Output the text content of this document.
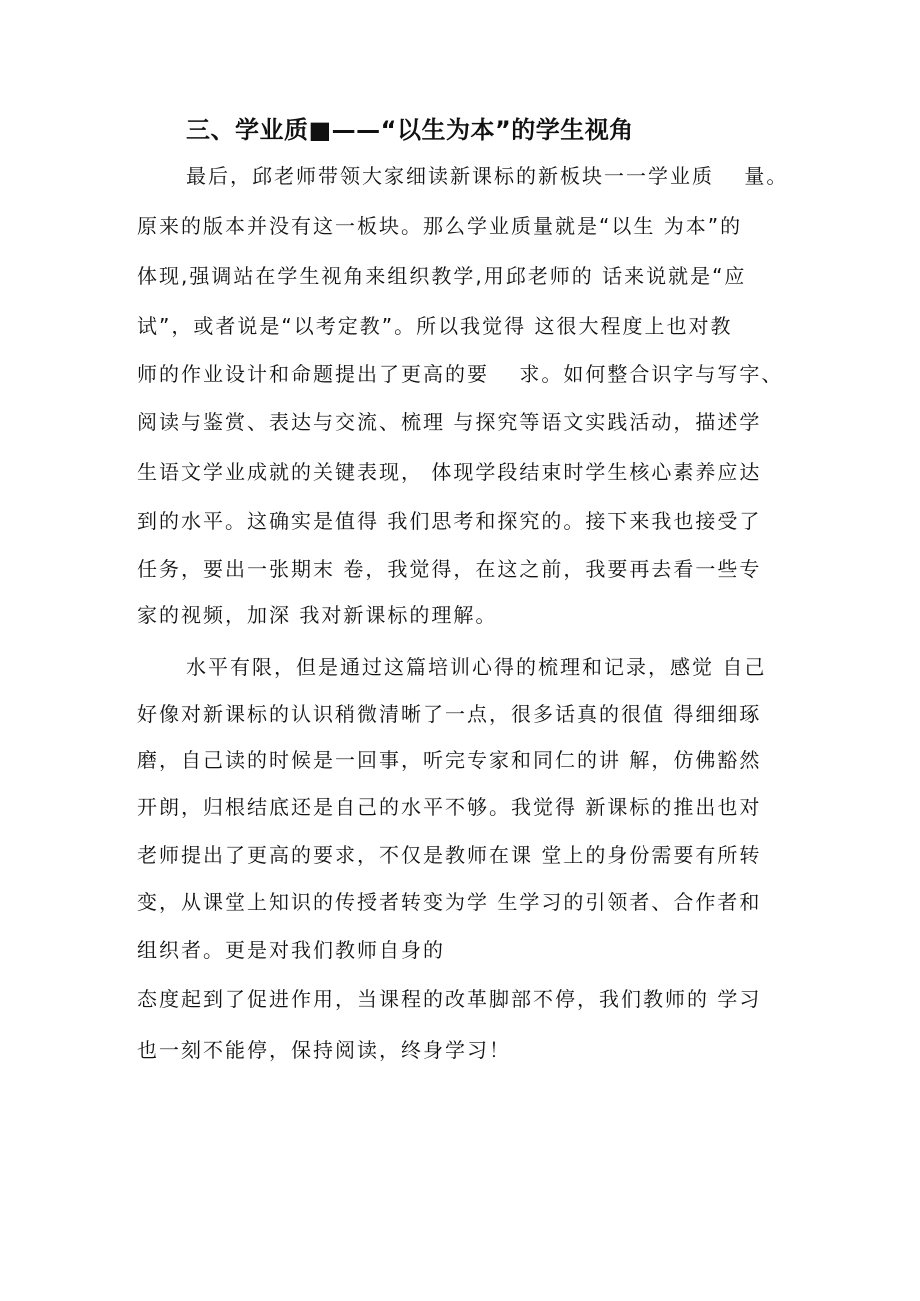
三、学业质■——“以生为本”的学生视角
最后，邱老师带领大家细读新课标的新板块一一学业质　 量。
原来的版本并没有这一板块。那么学业质量就是“以生 为本”的
体现,强调站在学生视角来组织教学,用邱老师的 话来说就是“应
试”，或者说是“以考定教”。所以我觉得 这很大程度上也对教
师的作业设计和命题提出了更高的要　 求。如何整合识字与写字、
阅读与鉴赏、表达与交流、梳理 与探究等语文实践活动，描述学
生语文学业成就的关键表现， 体现学段结束时学生核心素养应达
到的水平。这确实是值得 我们思考和探究的。接下来我也接受了
任务，要出一张期末 卷，我觉得，在这之前，我要再去看一些专
家的视频，加深 我对新课标的理解。
水平有限，但是通过这篇培训心得的梳理和记录，感觉 自己
好像对新课标的认识稍微清晰了一点，很多话真的很值 得细细琢
磨，自己读的时候是一回事，听完专家和同仁的讲 解，仿佛豁然
开朗，归根结底还是自己的水平不够。我觉得 新课标的推出也对
老师提出了更高的要求，不仅是教师在课 堂上的身份需要有所转
变，从课堂上知识的传授者转变为学 生学习的引领者、合作者和
组织者。更是对我们教师自身的
态度起到了促进作用，当课程的改革脚部不停，我们教师的 学习
也一刻不能停，保持阅读，终身学习！
